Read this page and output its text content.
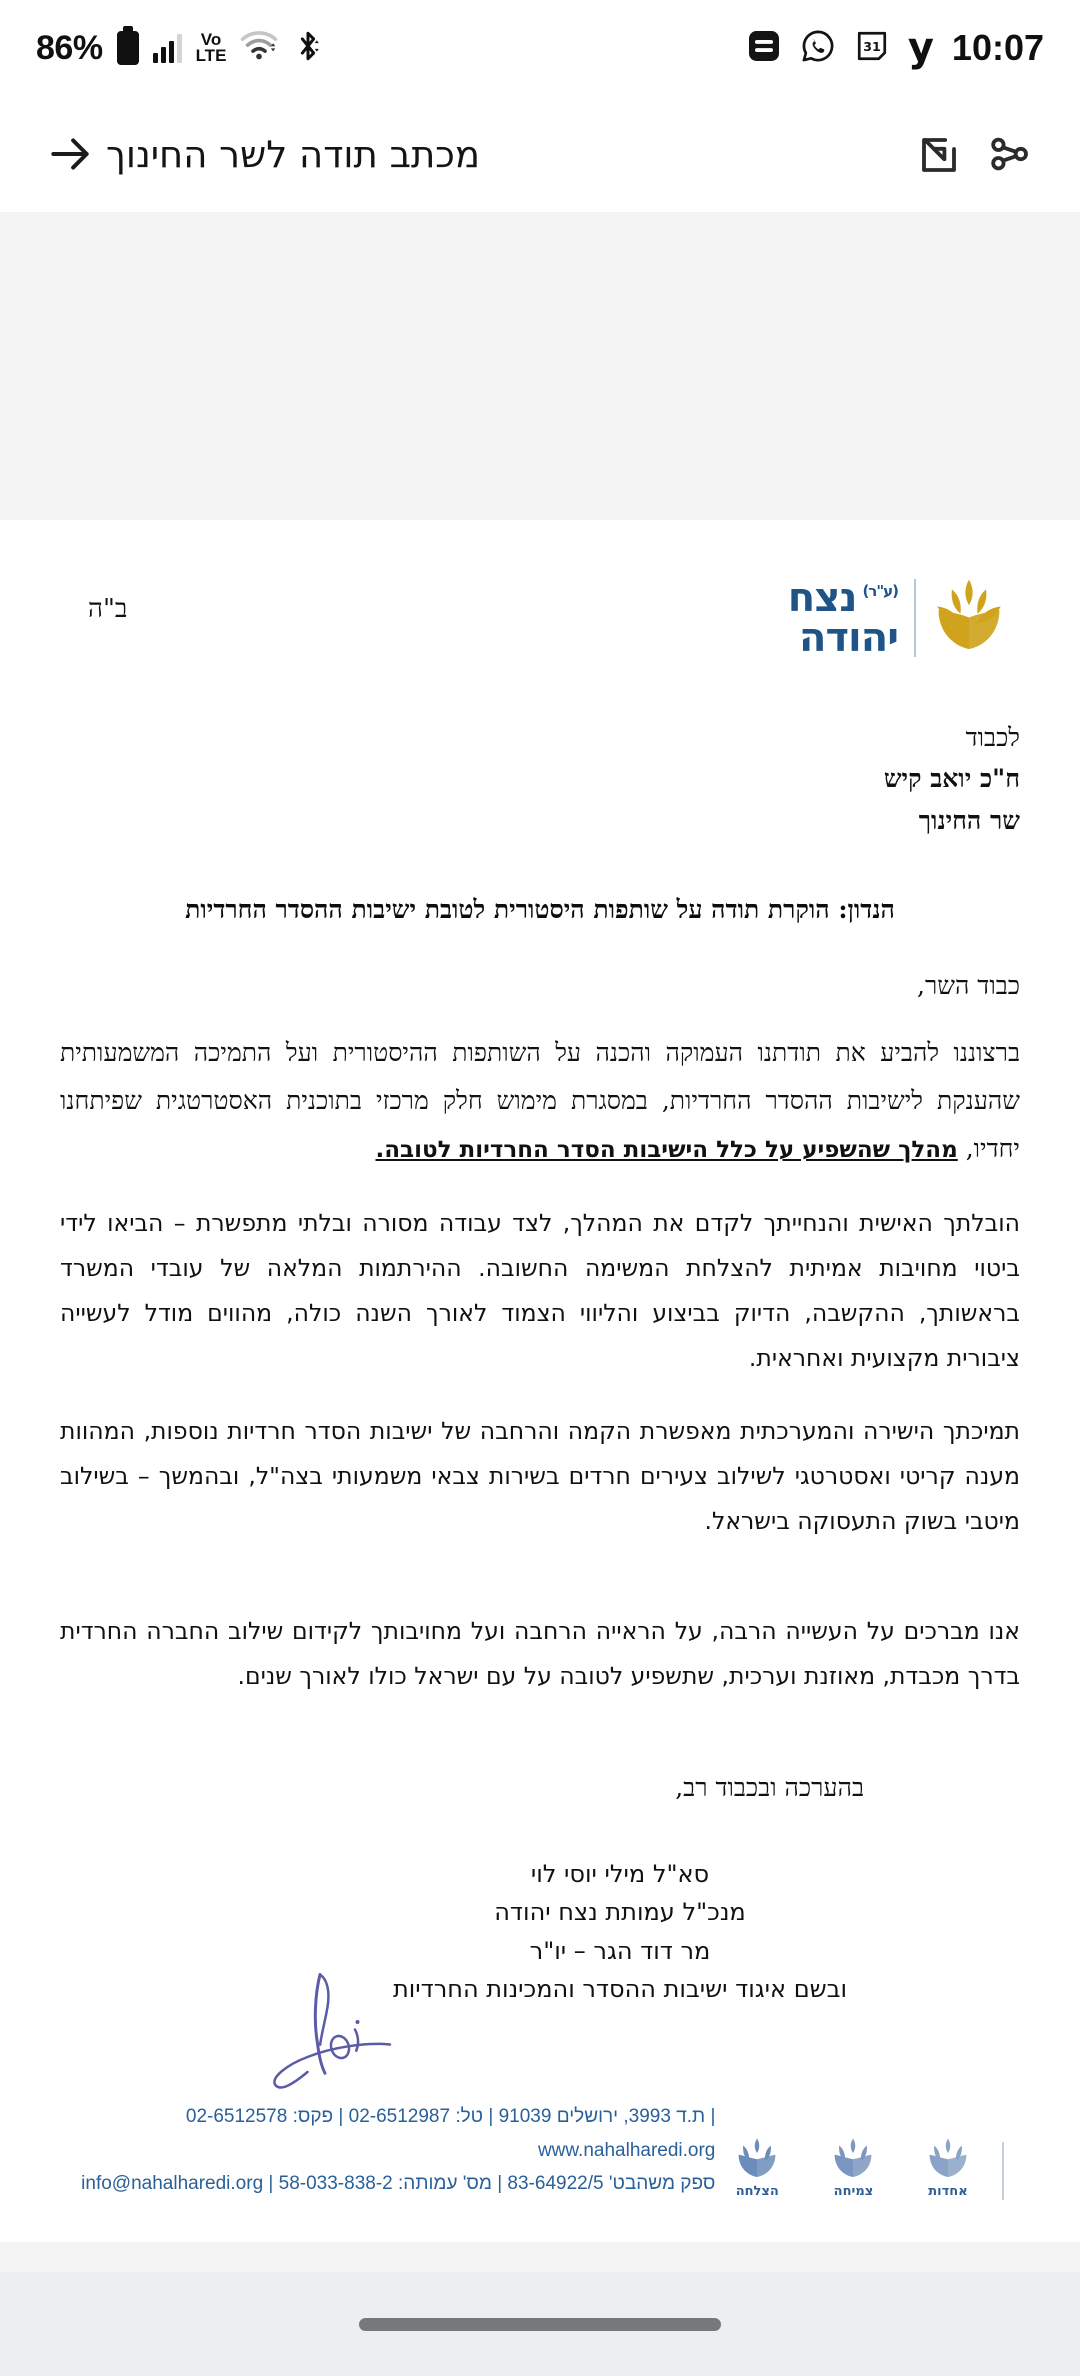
86%	Vo
LTE	31 y 10:07
מכתב תודה לשר החינוך
$^{(ע"ר)}$נצח
יהודה
ב"ה
לכבוד
ח"כ יואב קיש
שר החינוך
הנדון: הוקרת תודה על שותפות היסטורית לטובת ישיבות ההסדר החרדיות
כבוד השר,

ברצוננו להביע את תודתנו העמוקה והכנה על השותפות ההיסטורית ועל התמיכה המשמעותית שהענקת לישיבות ההסדר החרדיות, במסגרת מימוש חלק מרכזי בתוכנית האסטרטגית שפיתחנו יחדיו, מהלך שהשפיע על כלל הישיבות הסדר החרדיות לטובה.

הובלתך האישית והנחייתך לקדם את המהלך, לצד עבודה מסורה ובלתי מתפשרת – הביאו לידי ביטוי מחויבות אמיתית להצלחת המשימה החשובה. ההירתמות המלאה של עובדי המשרד בראשותך, ההקשבה, הדיוק בביצוע והליווי הצמוד לאורך השנה כולה, מהווים מודל לעשייה ציבורית מקצועית ואחראית.

תמיכתך הישירה והמערכתית מאפשרת הקמה והרחבה של ישיבות הסדר חרדיות נוספות, המהוות מענה קריטי ואסטרטגי לשילוב צעירים חרדים בשירות צבאי משמעותי בצה"ל, ובהמשך – בשילוב מיטבי בשוק התעסוקה בישראל.

אנו מברכים על העשייה הרבה, על הראייה הרחבה ועל מחויבותך לקידום שילוב החברה החרדית בדרך מכבדת, מאוזנת וערכית, שתשפיע לטובה על עם ישראל כולו לאורך שנים.

בהערכה ובכבוד רב,
סא"ל מילי יוסי לוי
מנכ"ל עמותת נצח יהודה
מר דוד הגר – יו"ר
ובשם איגוד ישיבות ההסדר והמכינות החרדיות
אחדות
צמיחה
הצלחה
ת.ד 3993, ירושלים 91039 | טל: 02-6512987 | פקס: 02-6512578 | www.nahalharedi.org
info@nahalharedi.org | ספק משהבט' 83-64922/5 | מס' עמותה: 58-033-838-2
